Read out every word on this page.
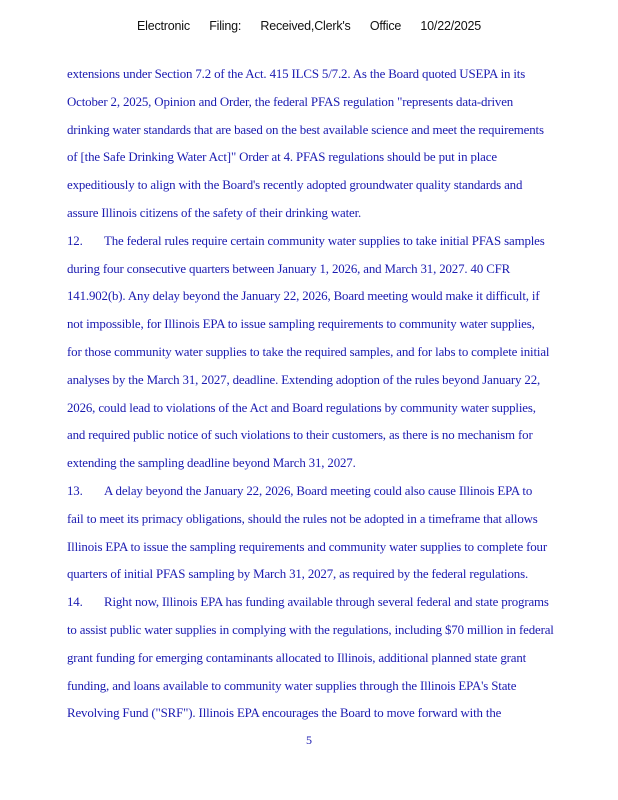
Electronic Filing: Received,Clerk's Office 10/22/2025
extensions under Section 7.2 of the Act. 415 ILCS 5/7.2. As the Board quoted USEPA in its
October 2, 2025, Opinion and Order, the federal PFAS regulation "represents data-driven
drinking water standards that are based on the best available science and meet the requirements
of [the Safe Drinking Water Act]" Order at 4. PFAS regulations should be put in place
expeditiously to align with the Board's recently adopted groundwater quality standards and
assure Illinois citizens of the safety of their drinking water.
12. The federal rules require certain community water supplies to take initial PFAS samples
during four consecutive quarters between January 1, 2026, and March 31, 2027. 40 CFR
141.902(b). Any delay beyond the January 22, 2026, Board meeting would make it difficult, if
not impossible, for Illinois EPA to issue sampling requirements to community water supplies,
for those community water supplies to take the required samples, and for labs to complete initial
analyses by the March 31, 2027, deadline. Extending adoption of the rules beyond January 22,
2026, could lead to violations of the Act and Board regulations by community water supplies,
and required public notice of such violations to their customers, as there is no mechanism for
extending the sampling deadline beyond March 31, 2027.
13. A delay beyond the January 22, 2026, Board meeting could also cause Illinois EPA to
fail to meet its primacy obligations, should the rules not be adopted in a timeframe that allows
Illinois EPA to issue the sampling requirements and community water supplies to complete four
quarters of initial PFAS sampling by March 31, 2027, as required by the federal regulations.
14. Right now, Illinois EPA has funding available through several federal and state programs
to assist public water supplies in complying with the regulations, including $70 million in federal
grant funding for emerging contaminants allocated to Illinois, additional planned state grant
funding, and loans available to community water supplies through the Illinois EPA's State
Revolving Fund ("SRF"). Illinois EPA encourages the Board to move forward with the
5
